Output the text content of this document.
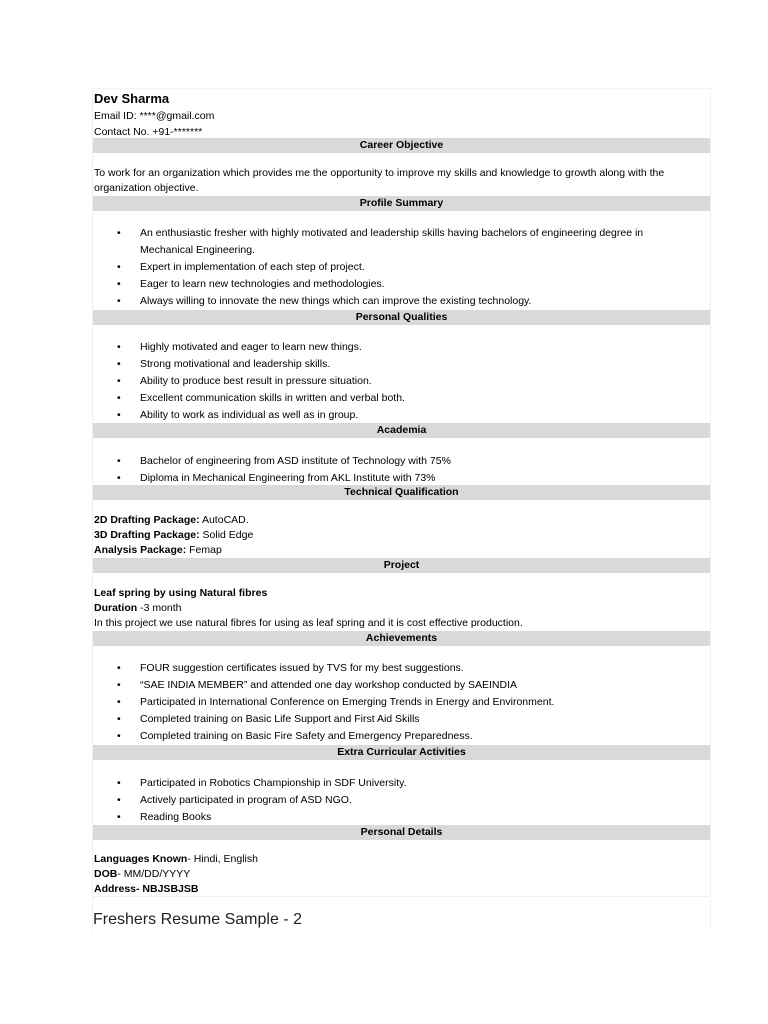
Dev Sharma
Email ID: ****@gmail.com
Contact No. +91-*******
Career Objective
To work for an organization which provides me the opportunity to improve my skills and knowledge to growth along with the organization objective.
Profile Summary
• An enthusiastic fresher with highly motivated and leadership skills having bachelors of engineering degree in Mechanical Engineering.
• Expert in implementation of each step of project.
• Eager to learn new technologies and methodologies.
• Always willing to innovate the new things which can improve the existing technology.
Personal Qualities
• Highly motivated and eager to learn new things.
• Strong motivational and leadership skills.
• Ability to produce best result in pressure situation.
• Excellent communication skills in written and verbal both.
• Ability to work as individual as well as in group.
Academia
• Bachelor of engineering from ASD institute of Technology with 75%
• Diploma in Mechanical Engineering from AKL Institute with 73%
Technical Qualification
2D Drafting Package: AutoCAD.
3D Drafting Package: Solid Edge
Analysis Package: Femap
Project
Leaf spring by using Natural fibres
Duration -3 month
In this project we use natural fibres for using as leaf spring and it is cost effective production.
Achievements
• FOUR suggestion certificates issued by TVS for my best suggestions.
• “SAE INDIA MEMBER” and attended one day workshop conducted by SAEINDIA
• Participated in International Conference on Emerging Trends in Energy and Environment.
• Completed training on Basic Life Support and First Aid Skills
• Completed training on Basic Fire Safety and Emergency Preparedness.
Extra Curricular Activities
• Participated in Robotics Championship in SDF University.
• Actively participated in program of ASD NGO.
• Reading Books
Personal Details
Languages Known- Hindi, English
DOB- MM/DD/YYYY
Address- NBJSBJSB
Freshers Resume Sample - 2
